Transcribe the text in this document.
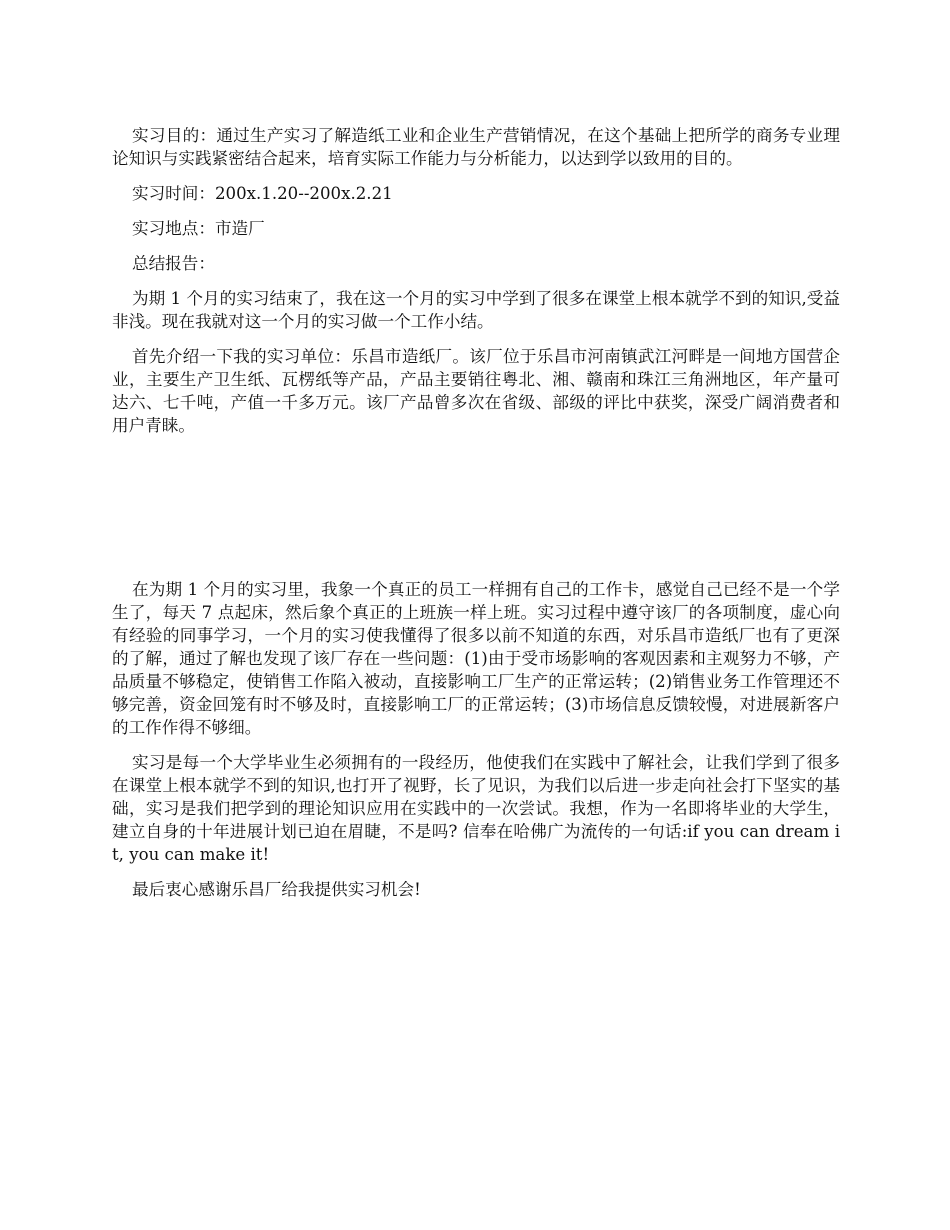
实习目的：通过生产实习了解造纸工业和企业生产营销情况，在这个基础上把所学的商务专业理论知识与实践紧密结合起来，培育实际工作能力与分析能力，以达到学以致用的目的。

实习时间：200x.1.20--200x.2.21

实习地点：市造厂

总结报告：

为期 1 个月的实习结束了，我在这一个月的实习中学到了很多在课堂上根本就学不到的知识,受益非浅。现在我就对这一个月的实习做一个工作小结。

首先介绍一下我的实习单位：乐昌市造纸厂。该厂位于乐昌市河南镇武江河畔是一间地方国营企业，主要生产卫生纸、瓦楞纸等产品，产品主要销往粤北、湘、赣南和珠江三角洲地区，年产量可达六、七千吨，产值一千多万元。该厂产品曾多次在省级、部级的评比中获奖，深受广阔消费者和用户青睐。

在为期 1 个月的实习里，我象一个真正的员工一样拥有自己的工作卡，感觉自己已经不是一个学生了，每天 7 点起床，然后象个真正的上班族一样上班。实习过程中遵守该厂的各项制度，虚心向有经验的同事学习，一个月的实习使我懂得了很多以前不知道的东西，对乐昌市造纸厂也有了更深的了解，通过了解也发现了该厂存在一些问题：(1)由于受市场影响的客观因素和主观努力不够，产品质量不够稳定，使销售工作陷入被动，直接影响工厂生产的正常运转；(2)销售业务工作管理还不够完善，资金回笼有时不够及时，直接影响工厂的正常运转；(3)市场信息反馈较慢，对进展新客户的工作作得不够细。

实习是每一个大学毕业生必须拥有的一段经历，他使我们在实践中了解社会，让我们学到了很多在课堂上根本就学不到的知识,也打开了视野，长了见识，为我们以后进一步走向社会打下坚实的基础，实习是我们把学到的理论知识应用在实践中的一次尝试。我想，作为一名即将毕业的大学生，建立自身的十年进展计划已迫在眉睫，不是吗? 信奉在哈佛广为流传的一句话:if you can dream it, you can make it!

最后衷心感谢乐昌厂给我提供实习机会!
